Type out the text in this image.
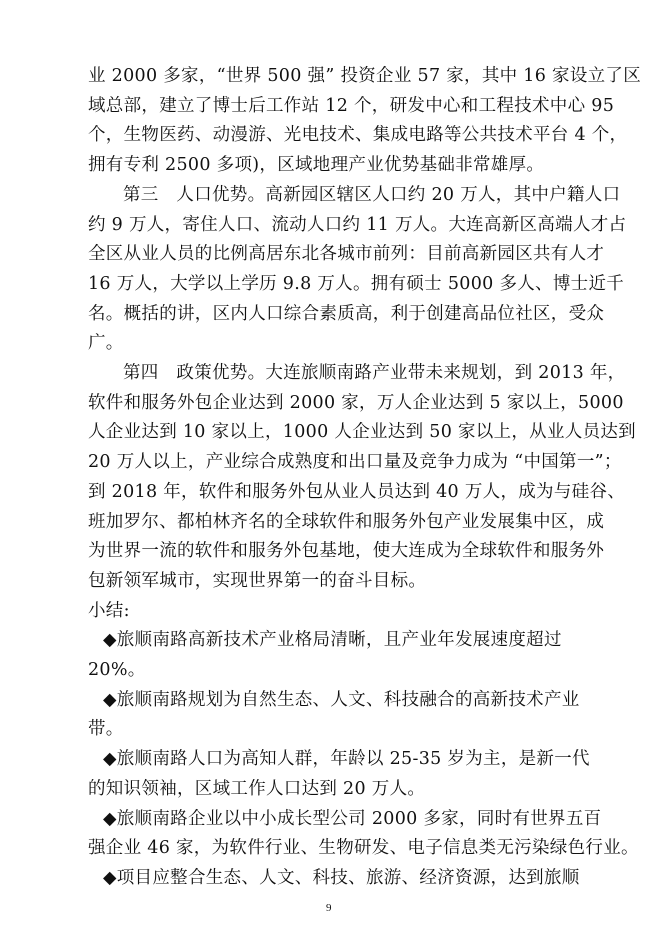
业 2000 多家，“世界 500 强” 投资企业 57 家，其中 16 家设立了区
域总部，建立了博士后工作站 12 个，研发中心和工程技术中心 95
个，生物医药、动漫游、光电技术、集成电路等公共技术平台 4 个，
拥有专利 2500 多项)，区域地理产业优势基础非常雄厚。
第三　人口优势。高新园区辖区人口约 20 万人，其中户籍人口
约 9 万人，寄住人口、流动人口约 11 万人。大连高新区高端人才占
全区从业人员的比例高居东北各城市前列：目前高新园区共有人才
16 万人，大学以上学历 9.8 万人。拥有硕士 5000 多人、博士近千
名。概括的讲，区内人口综合素质高，利于创建高品位社区，受众
广。
第四　政策优势。大连旅顺南路产业带未来规划，到 2013 年，
软件和服务外包企业达到 2000 家，万人企业达到 5 家以上，5000
人企业达到 10 家以上，1000 人企业达到 50 家以上，从业人员达到
20 万人以上，产业综合成熟度和出口量及竞争力成为 “中国第一”；
到 2018 年，软件和服务外包从业人员达到 40 万人，成为与硅谷、
班加罗尔、都柏林齐名的全球软件和服务外包产业发展集中区，成
为世界一流的软件和服务外包基地，使大连成为全球软件和服务外
包新领军城市，实现世界第一的奋斗目标。
小结:
◆旅顺南路高新技术产业格局清晰，且产业年发展速度超过
20%。
◆旅顺南路规划为自然生态、人文、科技融合的高新技术产业
带。
◆旅顺南路人口为高知人群，年龄以 25-35 岁为主，是新一代
的知识领袖，区域工作人口达到 20 万人。
◆旅顺南路企业以中小成长型公司 2000 多家，同时有世界五百
强企业 46 家，为软件行业、生物研发、电子信息类无污染绿色行业。
◆项目应整合生态、人文、科技、旅游、经济资源，达到旅顺
9
